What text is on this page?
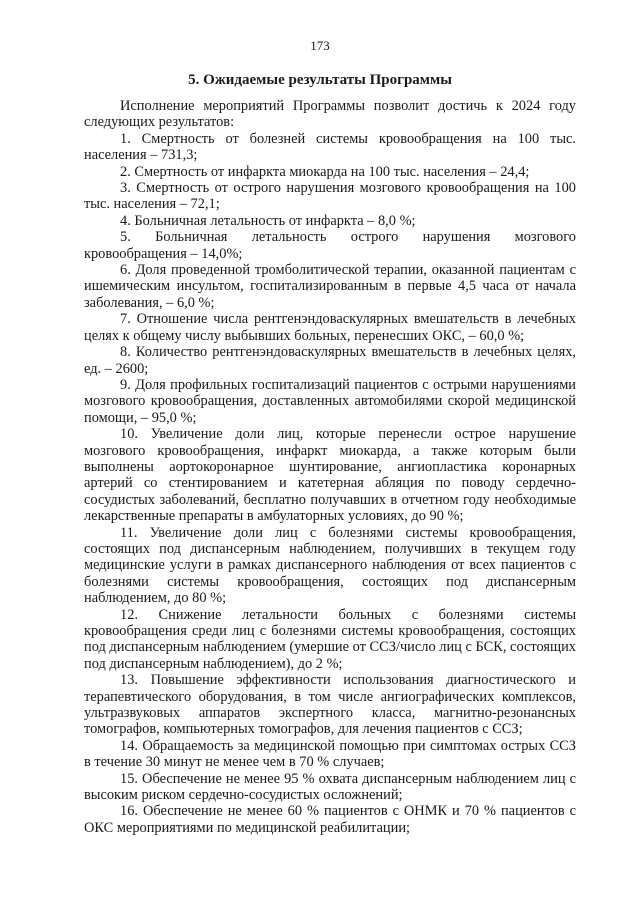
173
5. Ожидаемые результаты Программы

Исполнение мероприятий Программы позволит достичь к 2024 году следующих результатов:

1. Смертность от болезней системы кровообращения на 100 тыс. населения – 731,3;

2. Смертность от инфаркта миокарда на 100 тыс. населения – 24,4;

3. Смертность от острого нарушения мозгового кровообращения на 100 тыс. населения – 72,1;

4. Больничная летальность от инфаркта – 8,0 %;

5. Больничная летальность острого нарушения мозгового кровообращения – 14,0%;

6. Доля проведенной тромболитической терапии, оказанной пациентам с ишемическим инсультом, госпитализированным в первые 4,5 часа от начала заболевания, – 6,0 %;

7. Отношение числа рентгенэндоваскулярных вмешательств в лечебных целях к общему числу выбывших больных, перенесших ОКС, – 60,0 %;

8. Количество рентгенэндоваскулярных вмешательств в лечебных целях, ед. – 2600;

9. Доля профильных госпитализаций пациентов с острыми нарушениями мозгового кровообращения, доставленных автомобилями скорой медицинской помощи, – 95,0 %;

10. Увеличение доли лиц, которые перенесли острое нарушение мозгового кровообращения, инфаркт миокарда, а также которым были выполнены аортокоронарное шунтирование, ангиопластика коронарных артерий со стентированием и катетерная абляция по поводу сердечно-сосудистых заболеваний, бесплатно получавших в отчетном году необходимые лекарственные препараты в амбулаторных условиях, до 90 %;

11. Увеличение доли лиц с болезнями системы кровообращения, состоящих под диспансерным наблюдением, получивших в текущем году медицинские услуги в рамках диспансерного наблюдения от всех пациентов с болезнями системы кровообращения, состоящих под диспансерным наблюдением, до 80 %;

12. Снижение летальности больных с болезнями системы кровообращения среди лиц с болезнями системы кровообращения, состоящих под диспансерным наблюдением (умершие от ССЗ/число лиц с БСК, состоящих под диспансерным наблюдением), до 2 %;

13. Повышение эффективности использования диагностического и терапевтического оборудования, в том числе ангиографических комплексов, ультразвуковых аппаратов экспертного класса, магнитно-резонансных томографов, компьютерных томографов, для лечения пациентов с ССЗ;

14. Обращаемость за медицинской помощью при симптомах острых ССЗ в течение 30 минут не менее чем в 70 % случаев;

15. Обеспечение не менее 95 % охвата диспансерным наблюдением лиц с высоким риском сердечно-сосудистых осложнений;

16. Обеспечение не менее 60 % пациентов с ОНМК и 70 % пациентов с ОКС мероприятиями по медицинской реабилитации;
